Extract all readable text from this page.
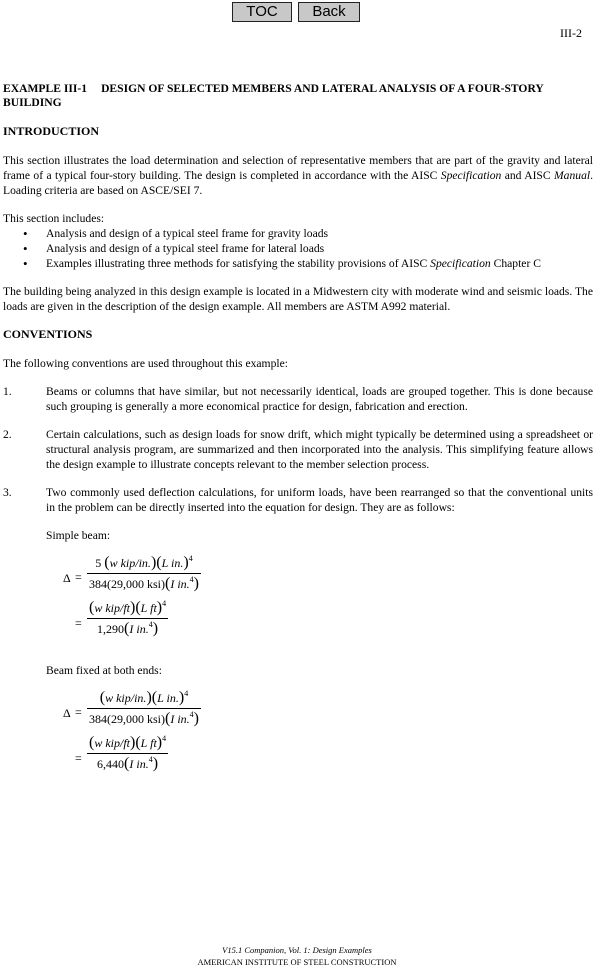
TOC	Back
III-2
EXAMPLE III-1 DESIGN OF SELECTED MEMBERS AND LATERAL ANALYSIS OF A FOUR-STORY BUILDING
INTRODUCTION

This section illustrates the load determination and selection of representative members that are part of the gravity and lateral frame of a typical four-story building. The design is completed in accordance with the AISC Specification and AISC Manual. Loading criteria are based on ASCE/SEI 7.

This section includes:
• Analysis and design of a typical steel frame for gravity loads
• Analysis and design of a typical steel frame for lateral loads
• Examples illustrating three methods for satisfying the stability provisions of AISC Specification Chapter C

The building being analyzed in this design example is located in a Midwestern city with moderate wind and seismic loads. The loads are given in the description of the design example. All members are ASTM A992 material.

CONVENTIONS

The following conventions are used throughout this example:

1.	Beams or columns that have similar, but not necessarily identical, loads are grouped together. This is done because such grouping is generally a more economical practice for design, fabrication and erection.
2.	Certain calculations, such as design loads for snow drift, which might typically be determined using a spreadsheet or structural analysis program, are summarized and then incorporated into the analysis. This simplifying feature allows the design example to illustrate concepts relevant to the member selection process.
3.	Two commonly used deflection calculations, for uniform loads, have been rearranged so that the conventional units in the problem can be directly inserted into the equation for design. They are as follows:
Simple beam:
Δ =
5 (w kip/in.)(L in.)$^4$
384(29,000 ksi)(I in.$^4$)
=
(w kip/ft)(L ft)$^4$
1,290(I in.$^4$)
Beam fixed at both ends:
Δ =
(w kip/in.)(L in.)$^4$
384(29,000 ksi)(I in.$^4$)
=
(w kip/ft)(L ft)$^4$
6,440(I in.$^4$)
V15.1 Companion, Vol. 1: Design Examples
AMERICAN INSTITUTE OF STEEL CONSTRUCTION
